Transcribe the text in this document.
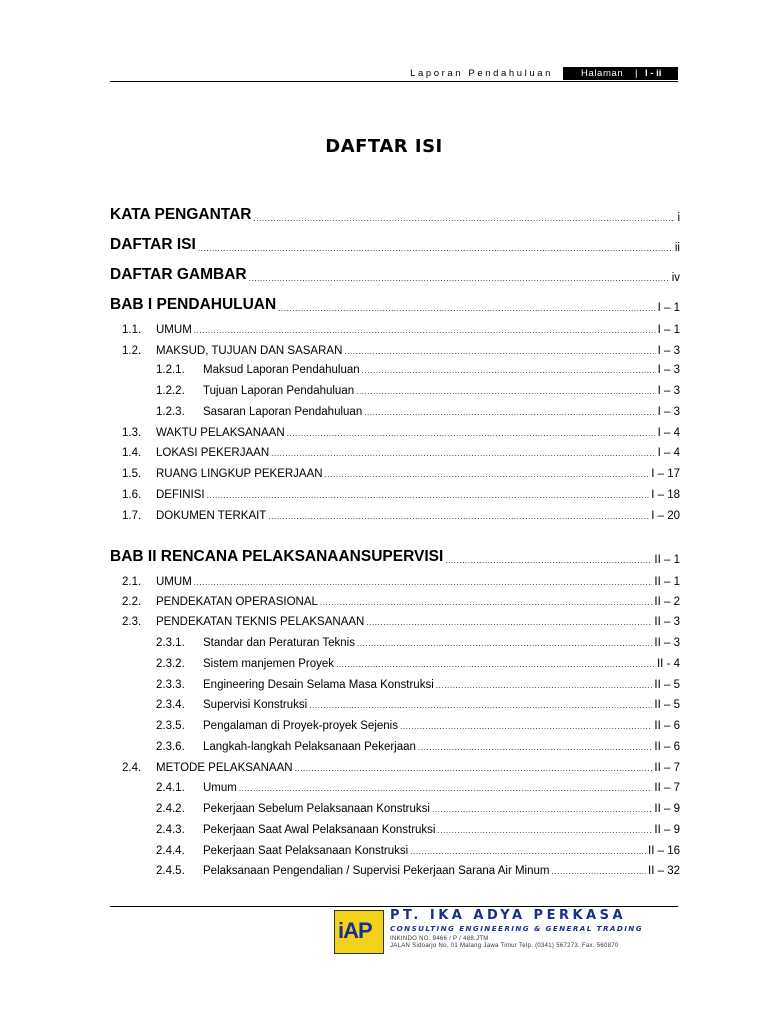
Laporan Pendahuluan	Halaman | I - ii
DAFTAR ISI
KATA PENGANTAR .....	i
DAFTAR ISI .....	ii
DAFTAR GAMBAR .....	iv
BAB I PENDAHULUAN .....	I – 1
1.1.	UMUM .....	I – 1
1.2.	MAKSUD, TUJUAN DAN SASARAN .....	I – 3
1.2.1.	Maksud Laporan Pendahuluan .....	I – 3
1.2.2.	Tujuan Laporan Pendahuluan .....	I – 3
1.2.3.	Sasaran Laporan Pendahuluan .....	I – 3
1.3.	WAKTU PELAKSANAAN .....	I – 4
1.4.	LOKASI PEKERJAAN .....	I – 4
1.5.	RUANG LINGKUP PEKERJAAN .....	I – 17
1.6.	DEFINISI .....	I – 18
1.7.	DOKUMEN TERKAIT .....	I – 20
BAB II RENCANA PELAKSANAANSUPERVISI .....	II – 1
2.1.	UMUM .....	II – 1
2.2.	PENDEKATAN OPERASIONAL .....	II – 2
2.3.	PENDEKATAN TEKNIS PELAKSANAAN .....	II – 3
2.3.1.	Standar dan Peraturan Teknis .....	II – 3
2.3.2.	Sistem manjemen Proyek .....	II - 4
2.3.3.	Engineering Desain Selama Masa Konstruksi .....	II – 5
2.3.4.	Supervisi Konstruksi .....	II – 5
2.3.5.	Pengalaman di Proyek-proyek Sejenis .....	II – 6
2.3.6.	Langkah-langkah Pelaksanaan Pekerjaan .....	II – 6
2.4.	METODE PELAKSANAAN .....	II – 7
2.4.1.	Umum .....	II – 7
2.4.2.	Pekerjaan Sebelum Pelaksanaan Konstruksi .....	II – 9
2.4.3.	Pekerjaan Saat Awal Pelaksanaan Konstruksi .....	II – 9
2.4.4.	Pekerjaan Saat Pelaksanaan Konstruksi .....	II – 16
2.4.5.	Pelaksanaan Pengendalian / Supervisi Pekerjaan Sarana Air Minum .....	II – 32
iAP
PT. IKA ADYA PERKASA
CONSULTING ENGINEERING & GENERAL TRADING
INKINDO NO. 9466 / P / 488.JTM
JALAN Sidoarjo No. 01 Malang Jawa Timur Telp. (0341) 567273. Fax. 560870
